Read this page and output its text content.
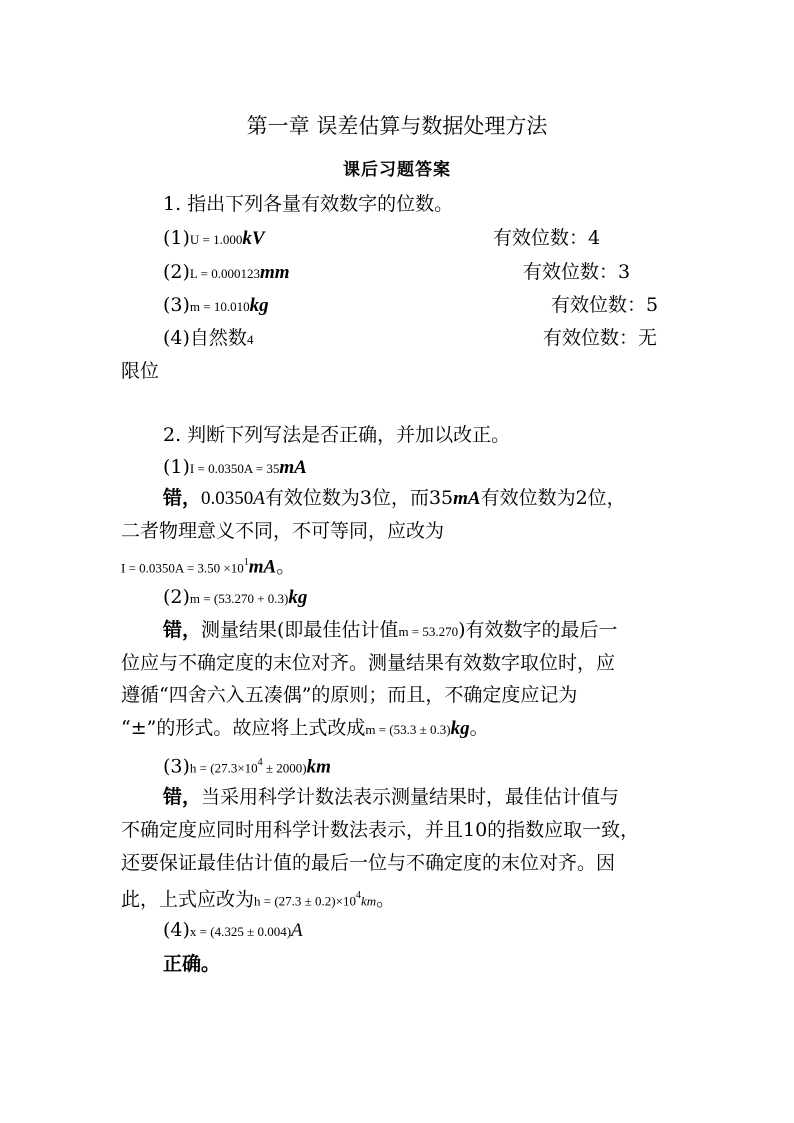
第一章 误差估算与数据处理方法
课后习题答案
1. 指出下列各量有效数字的位数。
(1)U = 1.000kV	有效位数：4
(2)L = 0.000123mm	有效位数：3
(3)m = 10.010kg	有效位数：5
(4)自然数4	有效位数：无
限位
2. 判断下列写法是否正确，并加以改正。
(1)I = 0.0350A = 35mA
错，0.0350A有效位数为3位，而35mA有效位数为2位，
二者物理意义不同，不可等同，应改为
$I = 0.0350A = 3.50 \times 10^1mA$。
(2)m = (53.270 + 0.3)kg
错，测量结果(即最佳估计值m = 53.270)有效数字的最后一
位应与不确定度的末位对齐。测量结果有效数字取位时，应
遵循“四舍六入五凑偶”的原则；而且，不确定度应记为
“±”的形式。故应将上式改成m = (53.3 ± 0.3)kg。
$(3)h = (27.3\times 10^4 \pm 2000)km$
错，当采用科学计数法表示测量结果时，最佳估计值与
不确定度应同时用科学计数法表示，并且10的指数应取一致，
还要保证最佳估计值的最后一位与不确定度的末位对齐。因
此，上式应改为$h = (27.3 \pm 0.2)\times 10^4km$。
(4)x = (4.325 ± 0.004)A
正确。
